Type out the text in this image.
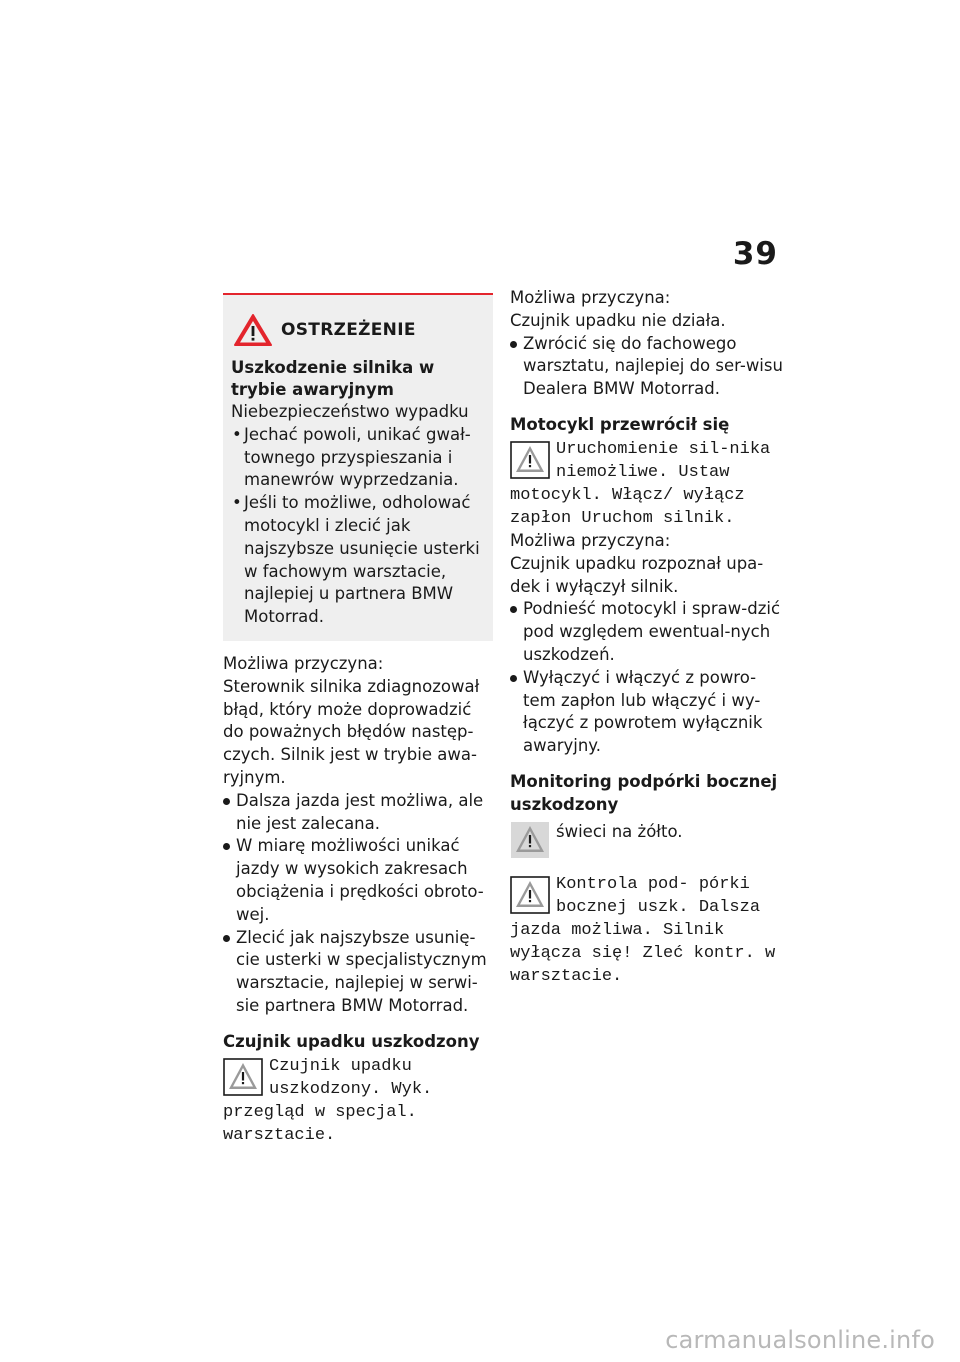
39
OSTRZEŻENIE

Uszkodzenie silnika w trybie awaryjnym

Niebezpieczeństwo wypadku

• Jechać powoli, unikać gwał-townego przyspieszania i manewrów wyprzedzania.
• Jeśli to możliwe, odholować motocykl i zlecić jak najszybsze usunięcie usterki w fachowym warsztacie, najlepiej u partnera BMW Motorrad.

Możliwa przyczyna:

Sterownik silnika zdiagnozował błąd, który może doprowadzić do poważnych błędów następ-czych. Silnik jest w trybie awa-ryjnym.

Dalsza jazda jest możliwa, ale nie jest zalecana.
W miarę możliwości unikać jazdy w wysokich zakresach obciążenia i prędkości obroto-wej.
Zlecić jak najszybsze usunię-cie usterki w specjalistycznym warsztacie, najlepiej w serwi-sie partnera BMW Motorrad.

Czujnik upadku uszkodzony

Czujnik upadku uszkodzony. Wyk. przegląd w specjal. warsztacie.

Możliwa przyczyna:

Czujnik upadku nie działa.

Zwrócić się do fachowego warsztatu, najlepiej do ser-wisu Dealera BMW Motorrad.

Motocykl przewrócił się

Uruchomienie sil-nika niemożliwe. Ustaw motocykl. Włącz/ wyłącz zapłon Uruchom silnik.

Możliwa przyczyna:

Czujnik upadku rozpoznał upa-dek i wyłączył silnik.

Podnieść motocykl i spraw-dzić pod względem ewentual-nych uszkodzeń.
Wyłączyć i włączyć z powro-tem zapłon lub włączyć i wy-łączyć z powrotem wyłącznik awaryjny.

Monitoring podpórki bocznej uszkodzony

świeci na żółto.

Kontrola pod- pórki bocznej uszk. Dalsza jazda możliwa. Silnik wyłącza się! Zleć kontr. w warsztacie.

carmanualsonline.info
